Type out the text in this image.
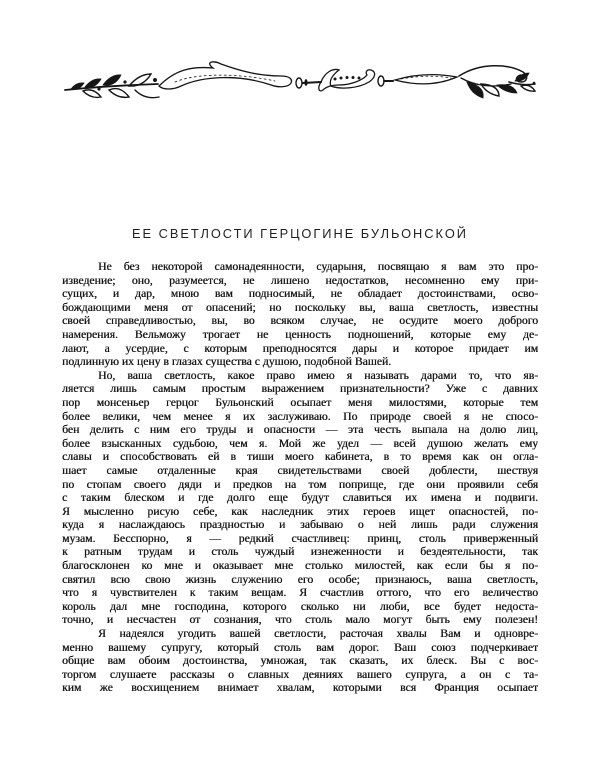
ЕЕ СВЕТЛОСТИ ГЕРЦОГИНЕ БУЛЬОНСКОЙ
Не без некоторой самонадеянности, сударыня, посвящаю я вам это про-
изведение; оно, разумеется, не лишено недостатков, несомненно ему при-
сущих, и дар, мною вам подносимый, не обладает достоинствами, осво-
бождающими меня от опасений; но поскольку вы, ваша светлость, известны
своей справедливостью, вы, во всяком случае, не осудите моего доброго
намерения. Вельможу трогает не ценность подношений, которые ему де-
лают, а усердие, с которым преподносятся дары и которое придает им
подлинную их цену в глазах существа с душою, подобной Вашей.
Но, ваша светлость, какое право имею я называть дарами то, что яв-
ляется лишь самым простым выражением признательности? Уже с давних
пор монсеньер герцог Бульонский осыпает меня милостями, которые тем
более велики, чем менее я их заслуживаю. По природе своей я не спосо-
бен делить с ним его труды и опасности — эта честь выпала на долю лиц,
более взысканных судьбою, чем я. Мой же удел — всей душою желать ему
славы и способствовать ей в тиши моего кабинета, в то время как он огла-
шает самые отдаленные края свидетельствами своей доблести, шествуя
по стопам своего дяди и предков на том поприще, где они проявили себя
с таким блеском и где долго еще будут славиться их имена и подвиги.
Я мысленно рисую себе, как наследник этих героев ищет опасностей, по-
куда я наслаждаюсь праздностью и забываю о ней лишь ради служения
музам. Бесспорно, я — редкий счастливец: принц, столь приверженный
к ратным трудам и столь чуждый изнеженности и бездеятельности, так
благосклонен ко мне и оказывает мне столько милостей, как если бы я по-
святил всю свою жизнь служению его особе; признаюсь, ваша светлость,
что я чувствителен к таким вещам. Я счастлив оттого, что его величество
король дал мне господина, которого сколько ни люби, все будет недоста-
точно, и несчастен от сознания, что столь мало могут быть ему полезен!
Я надеялся угодить вашей светлости, расточая хвалы Вам и одновре-
менно вашему супругу, который столь вам дорог. Ваш союз подчеркивает
общие вам обоим достоинства, умножая, так сказать, их блеск. Вы с вос-
торгом слушаете рассказы о славных деяниях вашего супруга, а он с та-
ким же восхищением внимает хвалам, которыми вся Франция осыпает
